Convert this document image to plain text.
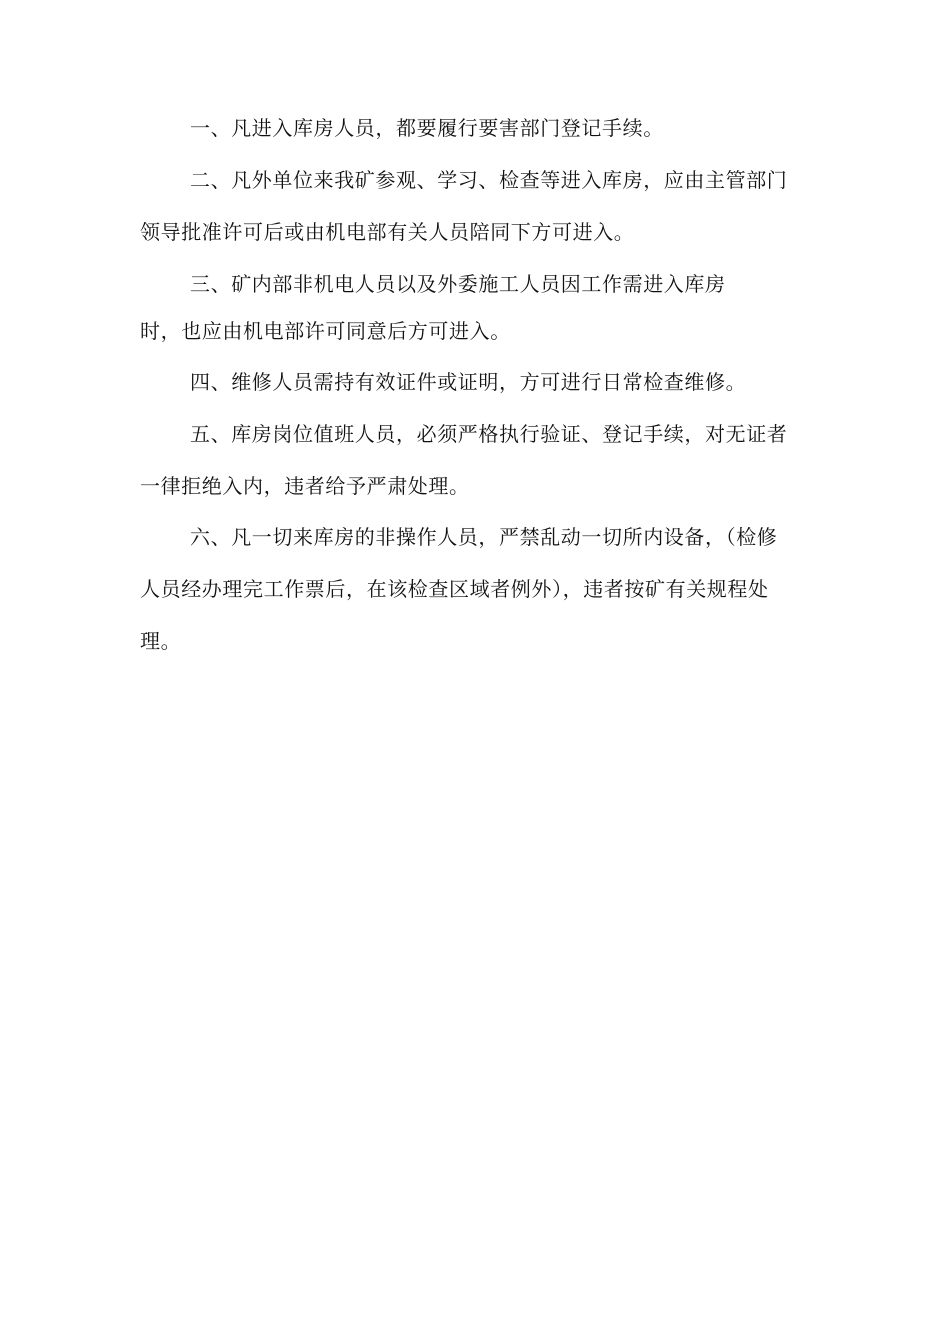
一、凡进入库房人员，都要履行要害部门登记手续。
二、凡外单位来我矿参观、学习、检查等进入库房，应由主管部门
领导批准许可后或由机电部有关人员陪同下方可进入。
三、矿内部非机电人员以及外委施工人员因工作需进入库房
时，也应由机电部许可同意后方可进入。
四、维修人员需持有效证件或证明，方可进行日常检查维修。
五、库房岗位值班人员，必须严格执行验证、登记手续，对无证者
一律拒绝入内，违者给予严肃处理。
六、凡一切来库房的非操作人员，严禁乱动一切所内设备，（检修
人员经办理完工作票后，在该检查区域者例外），违者按矿有关规程处
理。
